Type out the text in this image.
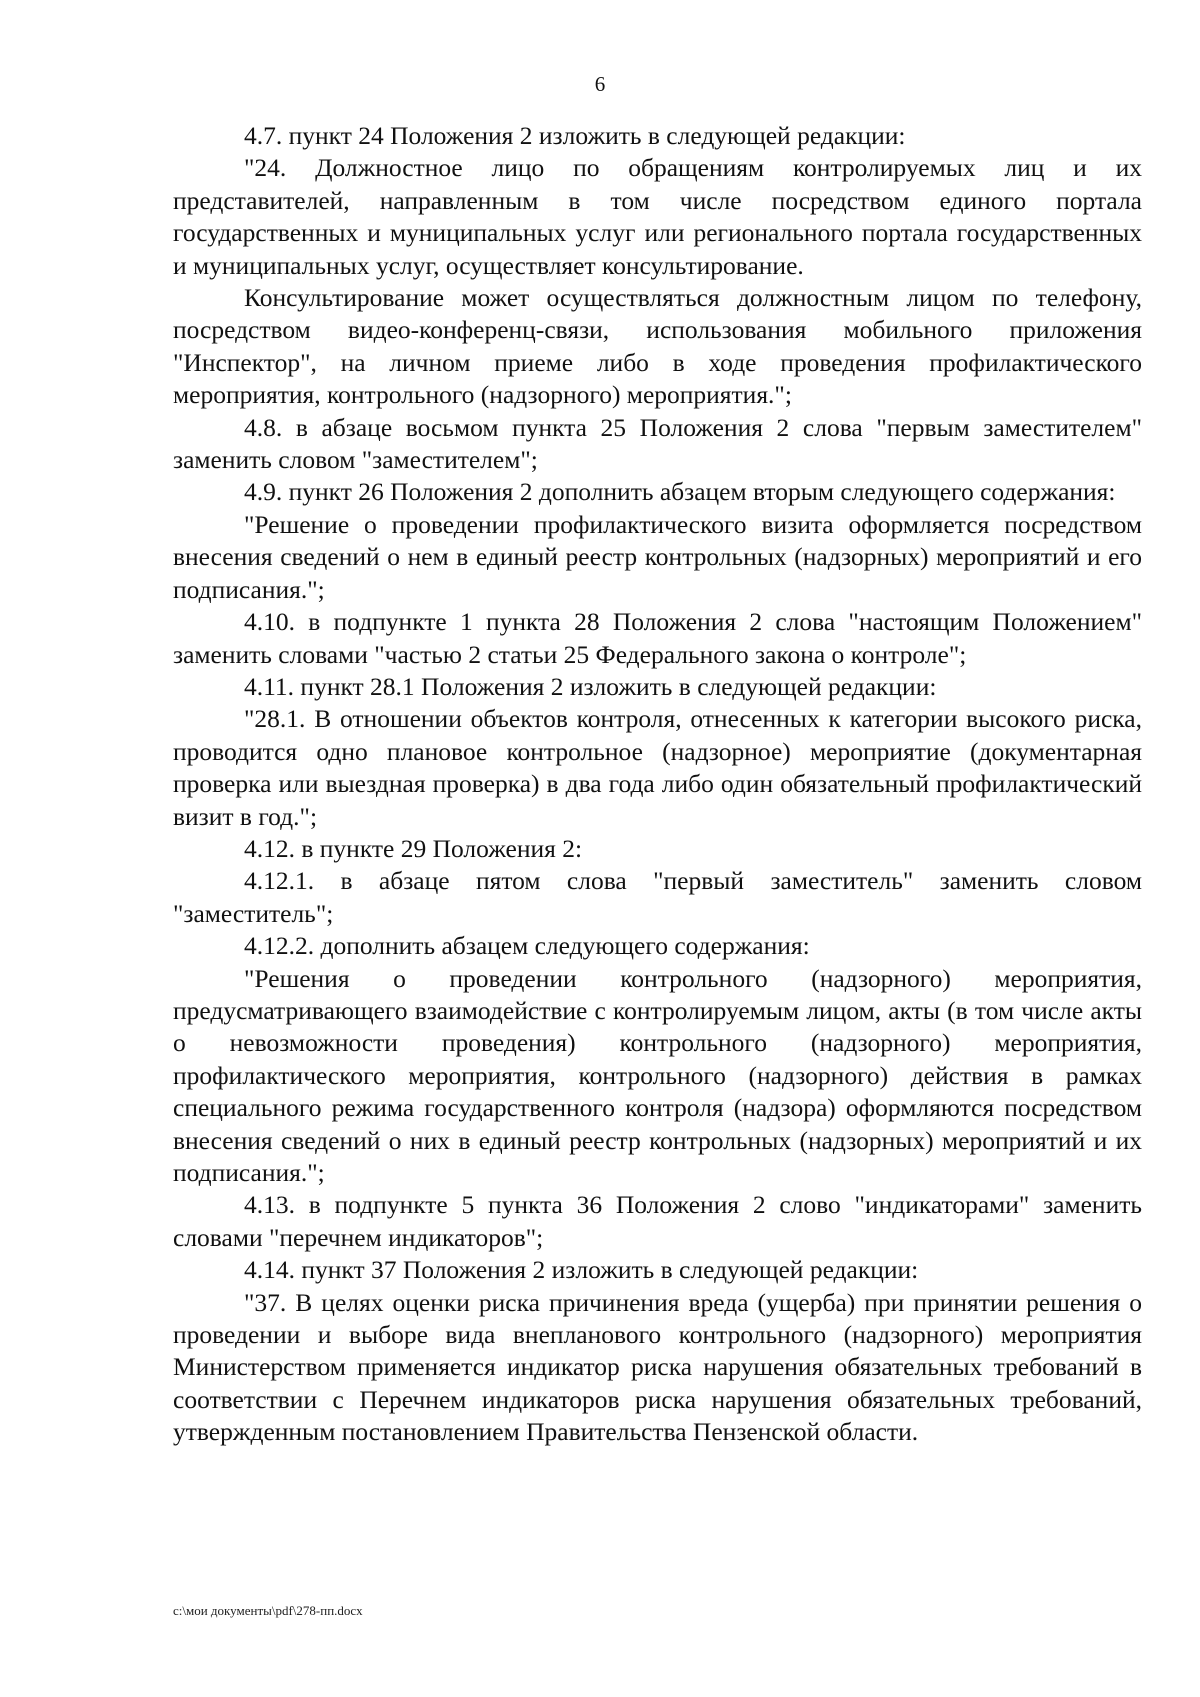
6

4.7. пункт 24 Положения 2 изложить в следующей редакции:

"24. Должностное лицо по обращениям контролируемых лиц и их представителей, направленным в том числе посредством единого портала государственных и муниципальных услуг или регионального портала государственных и муниципальных услуг, осуществляет консультирование.

Консультирование может осуществляться должностным лицом по телефону, посредством видео-конференц-связи, использования мобильного приложения "Инспектор", на личном приеме либо в ходе проведения профилактического мероприятия, контрольного (надзорного) мероприятия.";

4.8. в абзаце восьмом пункта 25 Положения 2 слова "первым заместителем" заменить словом "заместителем";

4.9. пункт 26 Положения 2 дополнить абзацем вторым следующего содержания:

"Решение о проведении профилактического визита оформляется посредством внесения сведений о нем в единый реестр контрольных (надзорных) мероприятий и его подписания.";

4.10. в подпункте 1 пункта 28 Положения 2 слова "настоящим Положением" заменить словами "частью 2 статьи 25 Федерального закона о контроле";

4.11. пункт 28.1 Положения 2 изложить в следующей редакции:

"28.1. В отношении объектов контроля, отнесенных к категории высокого риска, проводится одно плановое контрольное (надзорное) мероприятие (документарная проверка или выездная проверка) в два года либо один обязательный профилактический визит в год.";

4.12. в пункте 29 Положения 2:

4.12.1. в абзаце пятом слова "первый заместитель" заменить словом "заместитель";

4.12.2. дополнить абзацем следующего содержания:

"Решения о проведении контрольного (надзорного) мероприятия, предусматривающего взаимодействие с контролируемым лицом, акты (в том числе акты о невозможности проведения) контрольного (надзорного) мероприятия, профилактического мероприятия, контрольного (надзорного) действия в рамках специального режима государственного контроля (надзора) оформляются посредством внесения сведений о них в единый реестр контрольных (надзорных) мероприятий и их подписания.";

4.13. в подпункте 5 пункта 36 Положения 2 слово "индикаторами" заменить словами "перечнем индикаторов";

4.14. пункт 37 Положения 2 изложить в следующей редакции:

"37. В целях оценки риска причинения вреда (ущерба) при принятии решения о проведении и выборе вида внепланового контрольного (надзорного) мероприятия Министерством применяется индикатор риска нарушения обязательных требований в соответствии с Перечнем индикаторов риска нарушения обязательных требований, утвержденным постановлением Правительства Пензенской области.

c:\мои документы\pdf\278-пп.docx
